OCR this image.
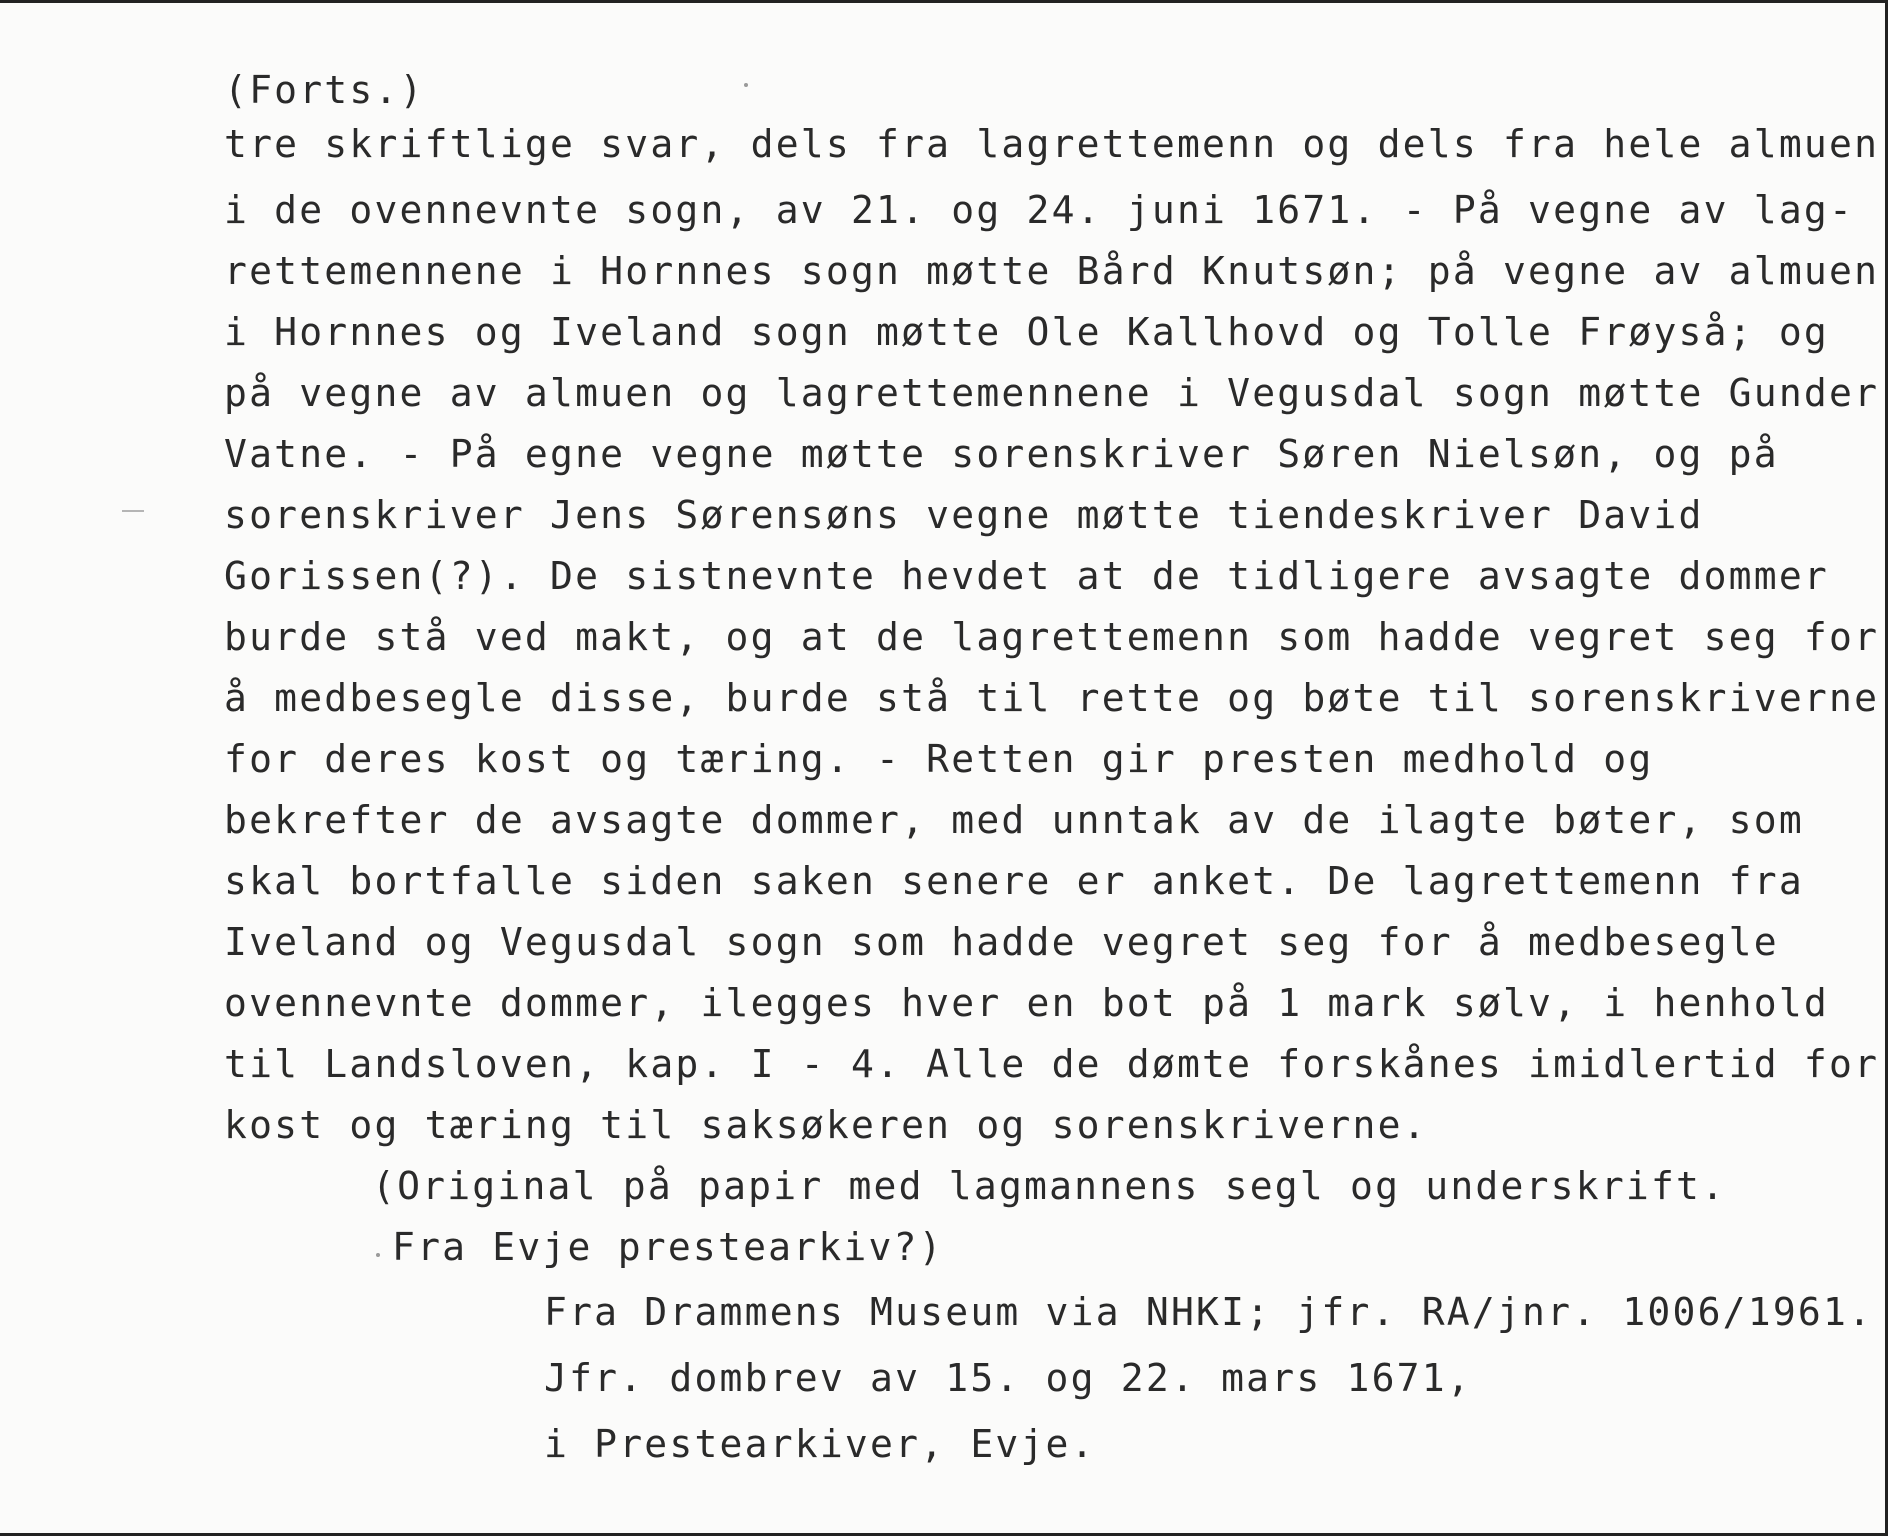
(Forts.)
tre skriftlige svar, dels fra lagrettemenn og dels fra hele almuen
i de ovennevnte sogn, av 21. og 24. juni 1671. - På vegne av lag-
rettemennene i Hornnes sogn møtte Bård Knutsøn; på vegne av almuen
i Hornnes og Iveland sogn møtte Ole Kallhovd og Tolle Frøyså; og
på vegne av almuen og lagrettemennene i Vegusdal sogn møtte Gunder
Vatne. - På egne vegne møtte sorenskriver Søren Nielsøn, og på
sorenskriver Jens Sørensøns vegne møtte tiendeskriver David
Gorissen(?). De sistnevnte hevdet at de tidligere avsagte dommer
burde stå ved makt, og at de lagrettemenn som hadde vegret seg for
å medbesegle disse, burde stå til rette og bøte til sorenskriverne
for deres kost og tæring. - Retten gir presten medhold og
bekrefter de avsagte dommer, med unntak av de ilagte bøter, som
skal bortfalle siden saken senere er anket. De lagrettemenn fra
Iveland og Vegusdal sogn som hadde vegret seg for å medbesegle
ovennevnte dommer, ilegges hver en bot på 1 mark sølv, i henhold
til Landsloven, kap. I - 4. Alle de dømte forskånes imidlertid for
kost og tæring til saksøkeren og sorenskriverne.
(Original på papir med lagmannens segl og underskrift.
Fra Evje prestearkiv?)
Fra Drammens Museum via NHKI; jfr. RA/jnr. 1006/1961.
Jfr. dombrev av 15. og 22. mars 1671,
i Prestearkiver, Evje.
